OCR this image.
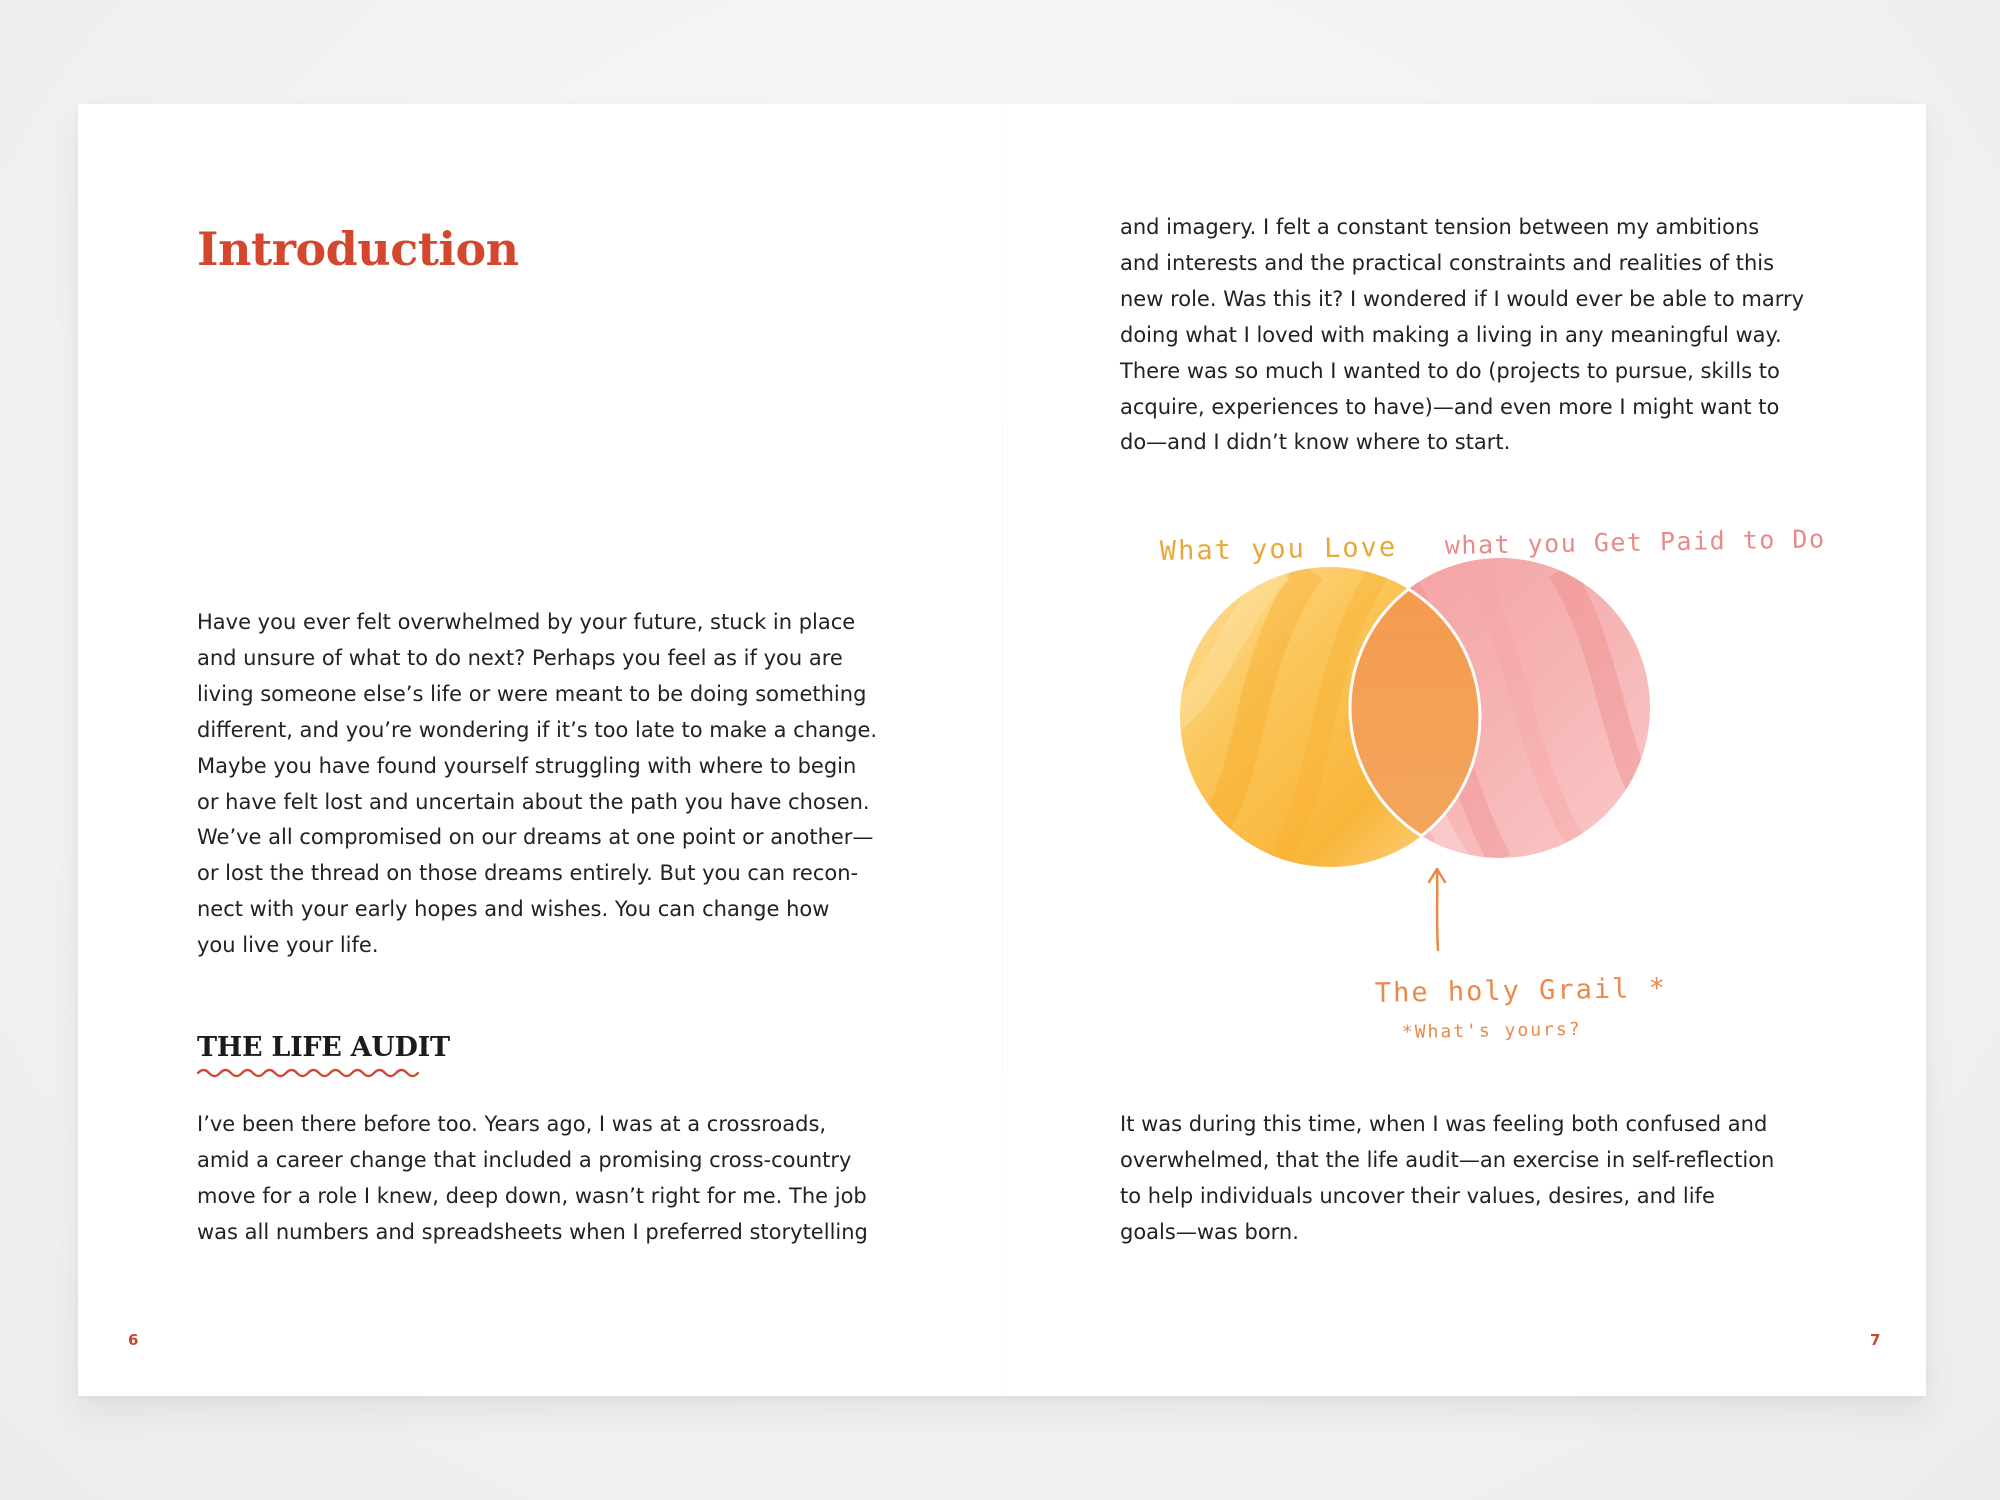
Introduction

Have you ever felt overwhelmed by your future, stuck in place
and unsure of what to do next? Perhaps you feel as if you are
living someone else’s life or were meant to be doing something
different, and you’re wondering if it’s too late to make a change.
Maybe you have found yourself struggling with where to begin
or have felt lost and uncertain about the path you have chosen.
We’ve all compromised on our dreams at one point or another—
or lost the thread on those dreams entirely. But you can recon-
nect with your early hopes and wishes. You can change how
you live your life.

THE LIFE AUDIT

I’ve been there before too. Years ago, I was at a crossroads,
amid a career change that included a promising cross-country
move for a role I knew, deep down, wasn’t right for me. The job
was all numbers and spreadsheets when I preferred storytelling

6

and imagery. I felt a constant tension between my ambitions
and interests and the practical constraints and realities of this
new role. Was this it? I wondered if I would ever be able to marry
doing what I loved with making a living in any meaningful way.
There was so much I wanted to do (projects to pursue, skills to
acquire, experiences to have)—and even more I might want to
do—and I didn’t know where to start.

What you Love what you Get Paid to Do
The holy Grail *
*What's yours?

It was during this time, when I was feeling both confused and
overwhelmed, that the life audit—an exercise in self-reflection
to help individuals uncover their values, desires, and life
goals—was born.

7
